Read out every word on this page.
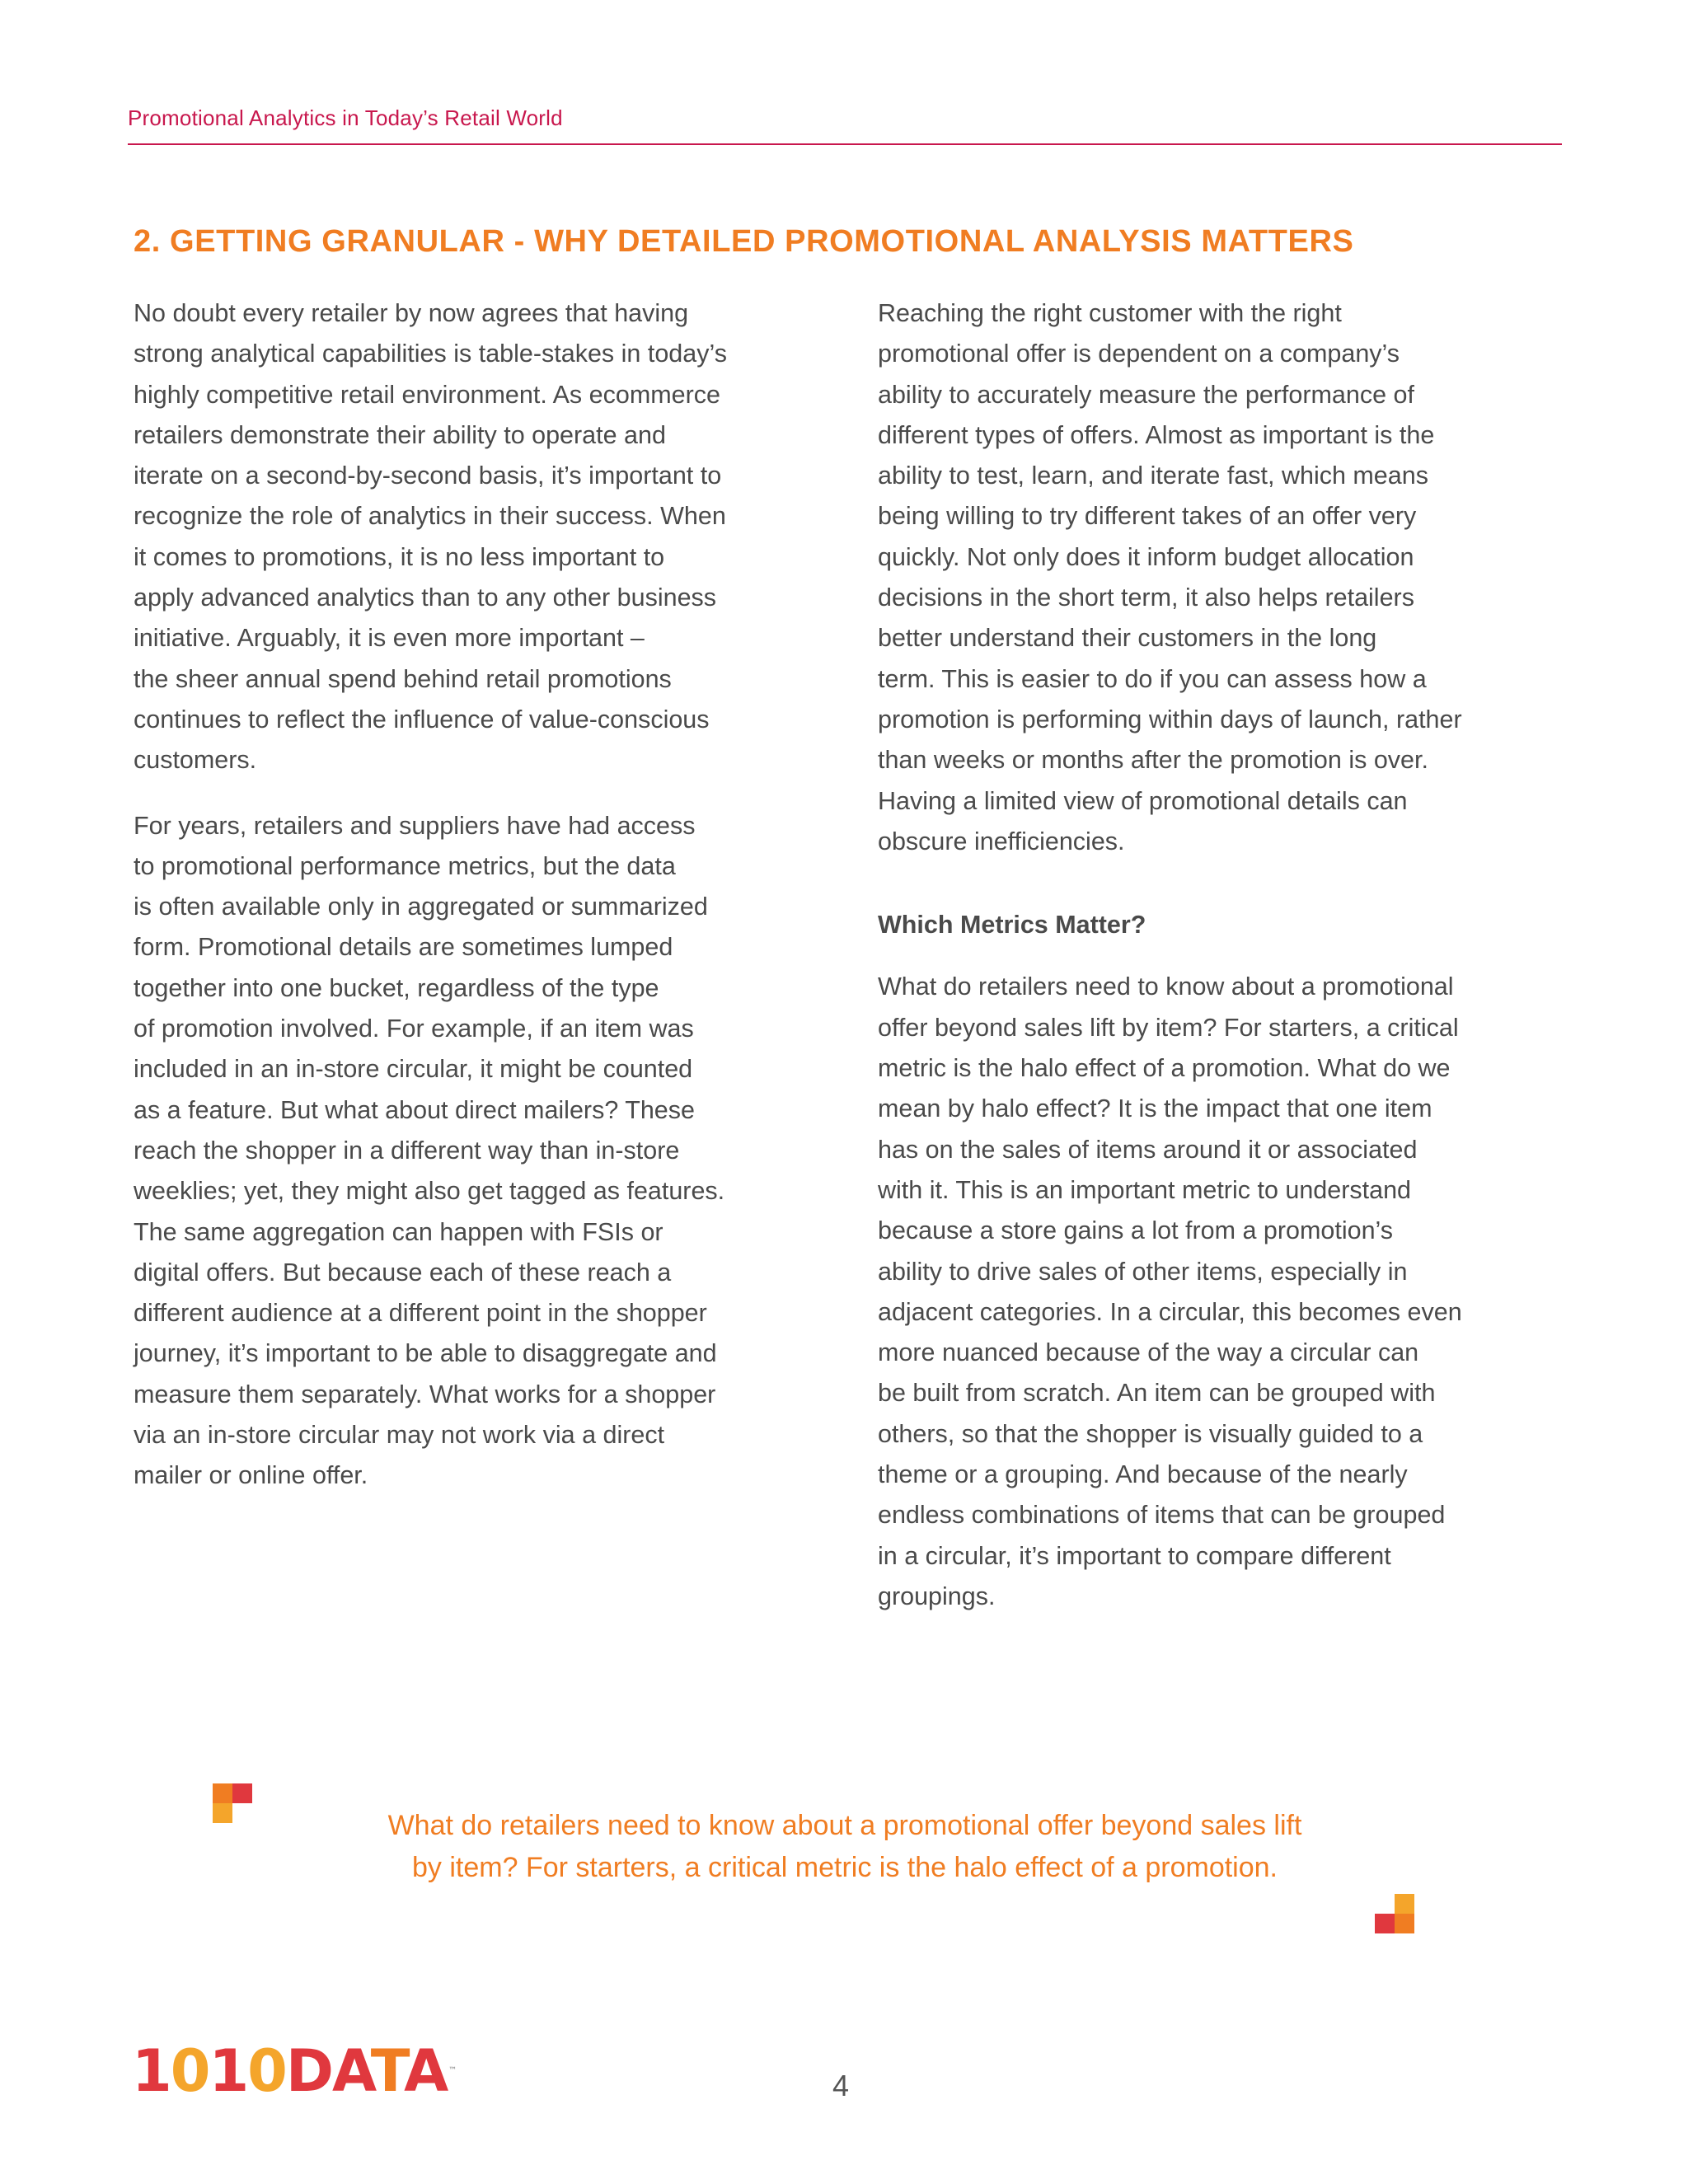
Promotional Analytics in Today’s Retail World
2. GETTING GRANULAR - WHY DETAILED PROMOTIONAL ANALYSIS MATTERS

No doubt every retailer by now agrees that having
strong analytical capabilities is table-stakes in today’s
highly competitive retail environment. As ecommerce
retailers demonstrate their ability to operate and
iterate on a second-by-second basis, it’s important to
recognize the role of analytics in their success. When
it comes to promotions, it is no less important to
apply advanced analytics than to any other business
initiative. Arguably, it is even more important –
the sheer annual spend behind retail promotions
continues to reflect the influence of value-conscious
customers.

For years, retailers and suppliers have had access
to promotional performance metrics, but the data
is often available only in aggregated or summarized
form. Promotional details are sometimes lumped
together into one bucket, regardless of the type
of promotion involved. For example, if an item was
included in an in-store circular, it might be counted
as a feature. But what about direct mailers? These
reach the shopper in a different way than in-store
weeklies; yet, they might also get tagged as features.
The same aggregation can happen with FSIs or
digital offers. But because each of these reach a
different audience at a different point in the shopper
journey, it’s important to be able to disaggregate and
measure them separately. What works for a shopper
via an in-store circular may not work via a direct
mailer or online offer.

Reaching the right customer with the right
promotional offer is dependent on a company’s
ability to accurately measure the performance of
different types of offers. Almost as important is the
ability to test, learn, and iterate fast, which means
being willing to try different takes of an offer very
quickly. Not only does it inform budget allocation
decisions in the short term, it also helps retailers
better understand their customers in the long
term. This is easier to do if you can assess how a
promotion is performing within days of launch, rather
than weeks or months after the promotion is over.
Having a limited view of promotional details can
obscure inefficiencies.

Which Metrics Matter?

What do retailers need to know about a promotional
offer beyond sales lift by item? For starters, a critical
metric is the halo effect of a promotion. What do we
mean by halo effect? It is the impact that one item
has on the sales of items around it or associated
with it. This is an important metric to understand
because a store gains a lot from a promotion’s
ability to drive sales of other items, especially in
adjacent categories. In a circular, this becomes even
more nuanced because of the way a circular can
be built from scratch. An item can be grouped with
others, so that the shopper is visually guided to a
theme or a grouping. And because of the nearly
endless combinations of items that can be grouped
in a circular, it’s important to compare different
groupings.

What do retailers need to know about a promotional offer beyond sales lift
by item? For starters, a critical metric is the halo effect of a promotion.
1010DATA ™	4
